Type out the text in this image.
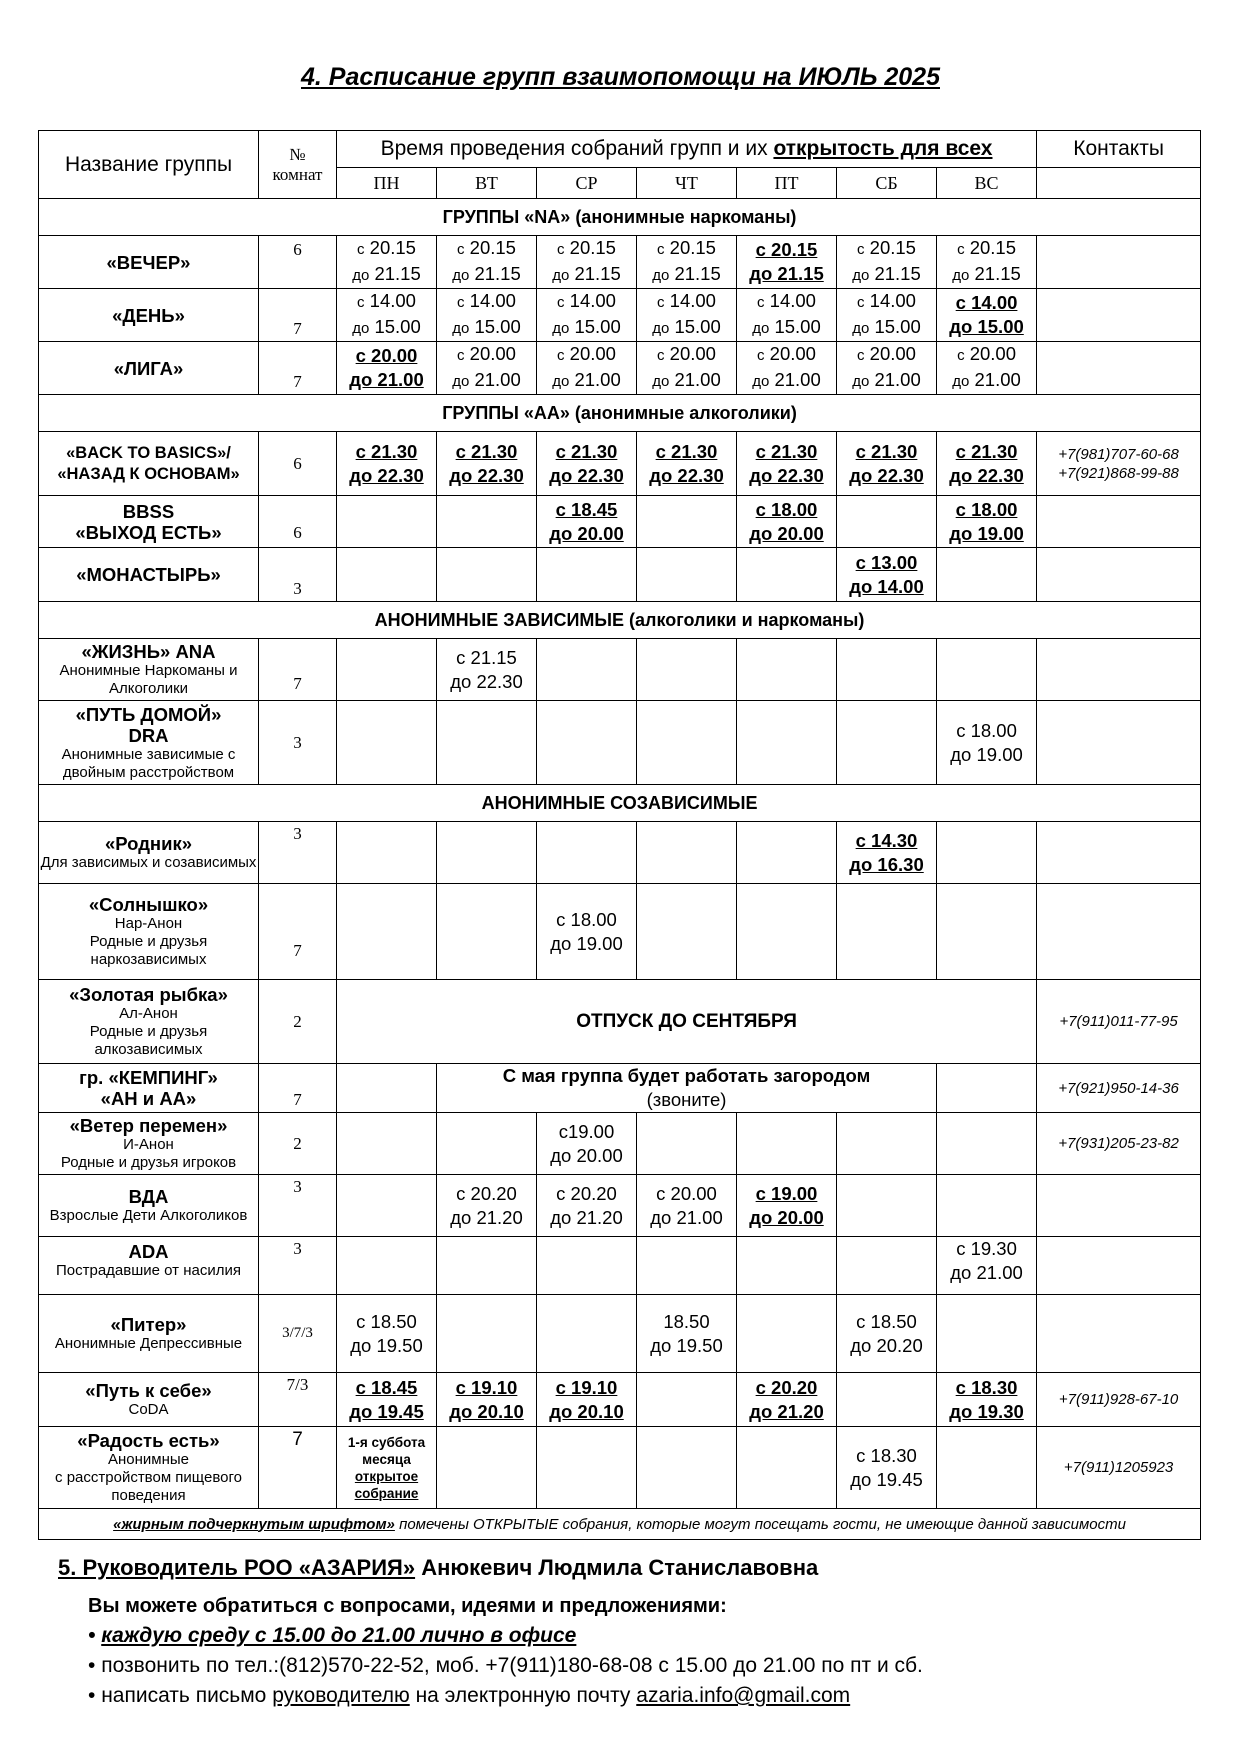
4. Расписание групп взаимопомощи на ИЮЛЬ 2025
Название группы	№
комнат	Время проведения собраний групп и их открытость для всех							Контакты
		ПН	ВТ	СР	ЧТ	ПТ	СБ	ВС	
ГРУППЫ «NA» (анонимные наркоманы)									

«ВЕЧЕР»	6	с 20.15
до 21.15	с 20.15
до 21.15	с 20.15
до 21.15	с 20.15
до 21.15	с 20.15
до 21.15	с 20.15
до 21.15	с 20.15
до 21.15	

«ДЕНЬ»	7	с 14.00
до 15.00	с 14.00
до 15.00	с 14.00
до 15.00	с 14.00
до 15.00	с 14.00
до 15.00	с 14.00
до 15.00	с 14.00
до 15.00	

«ЛИГА»	7	с 20.00
до 21.00	с 20.00
до 21.00	с 20.00
до 21.00	с 20.00
до 21.00	с 20.00
до 21.00	с 20.00
до 21.00	с 20.00
до 21.00	
ГРУППЫ «АА» (анонимные алкоголики)									

«BACK TO BASICS»/
«НАЗАД К ОСНОВАМ»	6	с 21.30
до 22.30	с 21.30
до 22.30	с 21.30
до 22.30	с 21.30
до 22.30	с 21.30
до 22.30	с 21.30
до 22.30	с 21.30
до 22.30	+7(981)707-60-68
+7(921)868-99-88

BBSS
«ВЫХОД ЕСТЬ»	6			с 18.45
до 20.00		с 18.00
до 20.00		с 18.00
до 19.00	

«МОНАСТЫРЬ»	3						с 13.00
до 14.00		
АНОНИМНЫЕ ЗАВИСИМЫЕ (алкоголики и наркоманы)									

«ЖИЗНЬ» ANA
Анонимные Наркоманы и Алкоголики	7		с 21.15
до 22.30						

«ПУТЬ ДОМОЙ»
DRA
Анонимные зависимые с двойным расстройством	3							с 18.00
до 19.00	
АНОНИМНЫЕ СОЗАВИСИМЫЕ									

«Родник»
Для зависимых и созависимых	3						с 14.30
до 16.30		

«Солнышко»
Нар-Анон
Родные и друзья наркозависимых	7			с 18.00
до 19.00					

«Золотая рыбка»
Ал-Анон
Родные и друзья алкозависимых	2	ОТПУСК ДО СЕНТЯБРЯ							+7(911)011-77-95

гр. «КЕМПИНГ»
«АН и АА»	7		С мая группа будет работать загородом
(звоните)						+7(921)950-14-36

«Ветер перемен»
И-Анон
Родные и друзья игроков	2			с19.00
до 20.00					+7(931)205-23-82

ВДА
Взрослые Дети Алкоголиков	3		с 20.20
до 21.20	с 20.20
до 21.20	с 20.00
до 21.00	с 19.00
до 20.00			

ADA
Пострадавшие от насилия	3							с 19.30
до 21.00	

«Питер»
Анонимные Депрессивные	3/7/3	с 18.50
до 19.50			18.50
до 19.50		с 18.50
до 20.20		

«Путь к себе»
CoDA	7/3	с 18.45
до 19.45	с 19.10
до 20.10	с 19.10
до 20.10		с 20.20
до 21.20		с 18.30
до 19.30	+7(911)928-67-10

«Радость есть»
Анонимные
с расстройством пищевого поведения	7	1-я суббота месяца
открытое собрание					с 18.30
до 19.45		+7(911)1205923
«жирным подчеркнутым шрифтом» помечены ОТКРЫТЫЕ собрания, которые могут посещать гости, не имеющие данной зависимости									
5. Руководитель РОО «АЗАРИЯ» Анюкевич Людмила Станиславовна
Вы можете обратиться с вопросами, идеями и предложениями:
• каждую среду с 15.00 до 21.00 лично в офисе
• позвонить по тел.:(812)570-22-52, моб. +7(911)180-68-08 с 15.00 до 21.00 по пт и сб.
• написать письмо руководителю на электронную почту azaria.info@gmail.com
